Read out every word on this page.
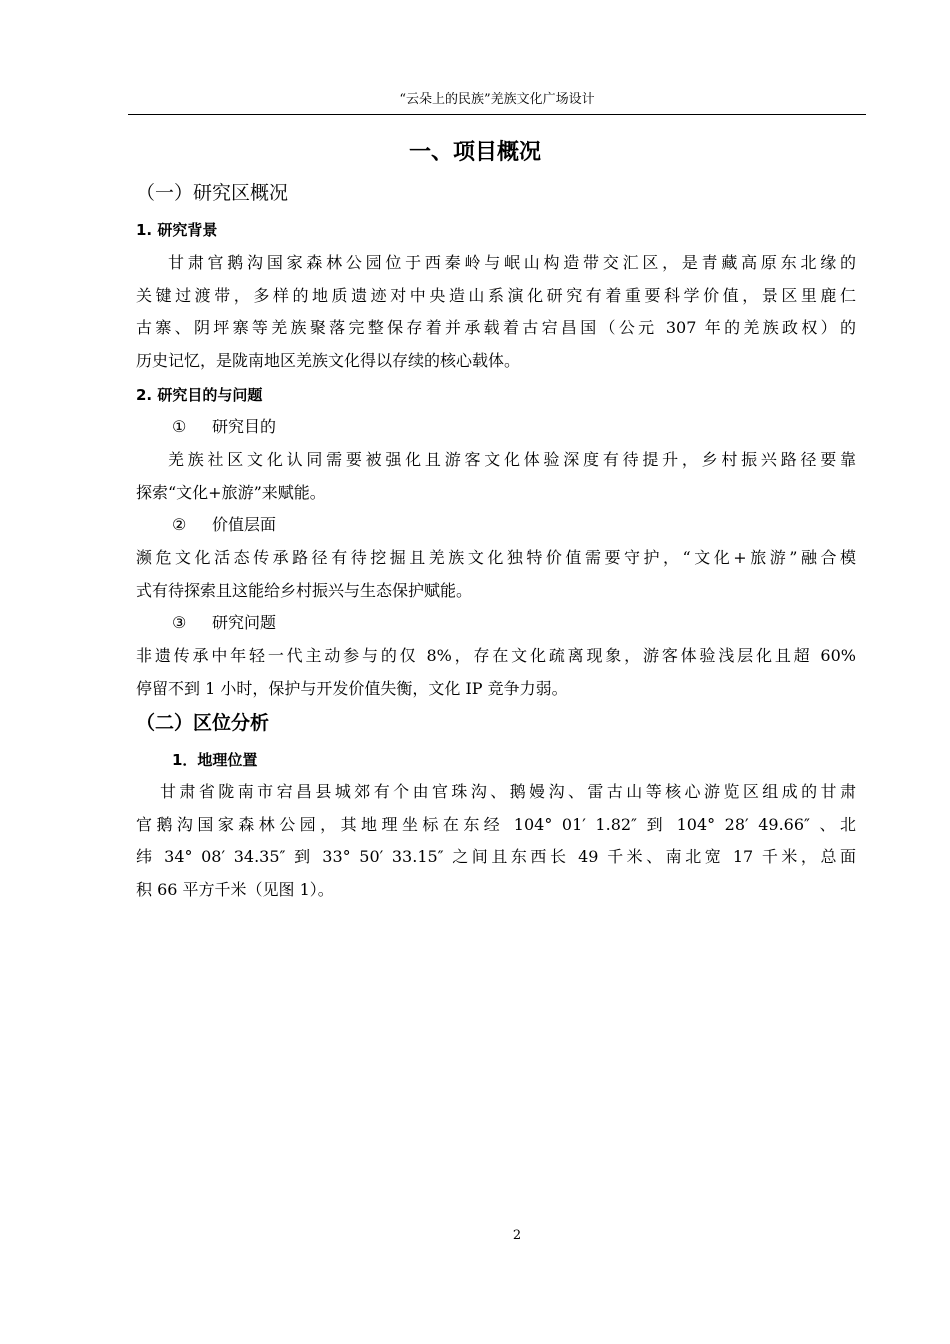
“云朵上的民族”羌族文化广场设计
一、项目概况
（一）研究区概况
1. 研究背景
甘肃官鹅沟国家森林公园位于西秦岭与岷山构造带交汇区，是青藏高原东北缘的
关键过渡带，多样的地质遗迹对中央造山系演化研究有着重要科学价值，景区里鹿仁
古寨、阴坪寨等羌族聚落完整保存着并承载着古宕昌国（公元 307 年的羌族政权）的
历史记忆，是陇南地区羌族文化得以存续的核心载体。
2. 研究目的与问题
① 研究目的
羌族社区文化认同需要被强化且游客文化体验深度有待提升，乡村振兴路径要靠
探索“文化+旅游”来赋能。
② 价值层面
濒危文化活态传承路径有待挖掘且羌族文化独特价值需要守护，“文化+旅游”融合模
式有待探索且这能给乡村振兴与生态保护赋能。
③ 研究问题
非遗传承中年轻一代主动参与的仅 8%，存在文化疏离现象，游客体验浅层化且超 60%
停留不到 1 小时，保护与开发价值失衡，文化 IP 竞争力弱。
（二）区位分析
1．地理位置
甘肃省陇南市宕昌县城郊有个由官珠沟、鹅嫚沟、雷古山等核心游览区组成的甘肃
官鹅沟国家森林公园，其地理坐标在东经 104° 01′ 1.82″ 到 104° 28′ 49.66″ 、北
纬 34° 08′ 34.35″ 到 33° 50′ 33.15″ 之间且东西长 49 千米、南北宽 17 千米，总面
积 66 平方千米（见图 1）。
2
